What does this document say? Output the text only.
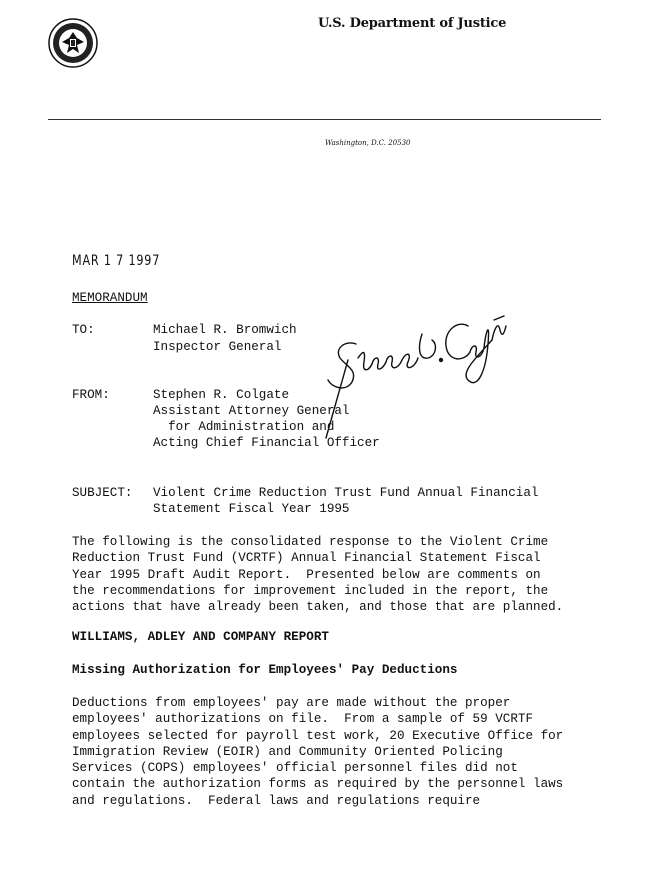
U.S. Department of Justice
Washington, D.C. 20530
MAR 1 7 1997
MEMORANDUM
TO:	Michael R. Bromwich
Inspector General
FROM:	Stephen R. Colgate
Assistant Attorney General
for Administration and
Acting Chief Financial Officer
SUBJECT: Violent Crime Reduction Trust Fund Annual Financial
Statement Fiscal Year 1995
The following is the consolidated response to the Violent Crime
Reduction Trust Fund (VCRTF) Annual Financial Statement Fiscal
Year 1995 Draft Audit Report.  Presented below are comments on
the recommendations for improvement included in the report, the
actions that have already been taken, and those that are planned.
WILLIAMS, ADLEY AND COMPANY REPORT
Missing Authorization for Employees' Pay Deductions
Deductions from employees' pay are made without the proper
employees' authorizations on file.  From a sample of 59 VCRTF
employees selected for payroll test work, 20 Executive Office for
Immigration Review (EOIR) and Community Oriented Policing
Services (COPS) employees' official personnel files did not
contain the authorization forms as required by the personnel laws
and regulations.  Federal laws and regulations require
